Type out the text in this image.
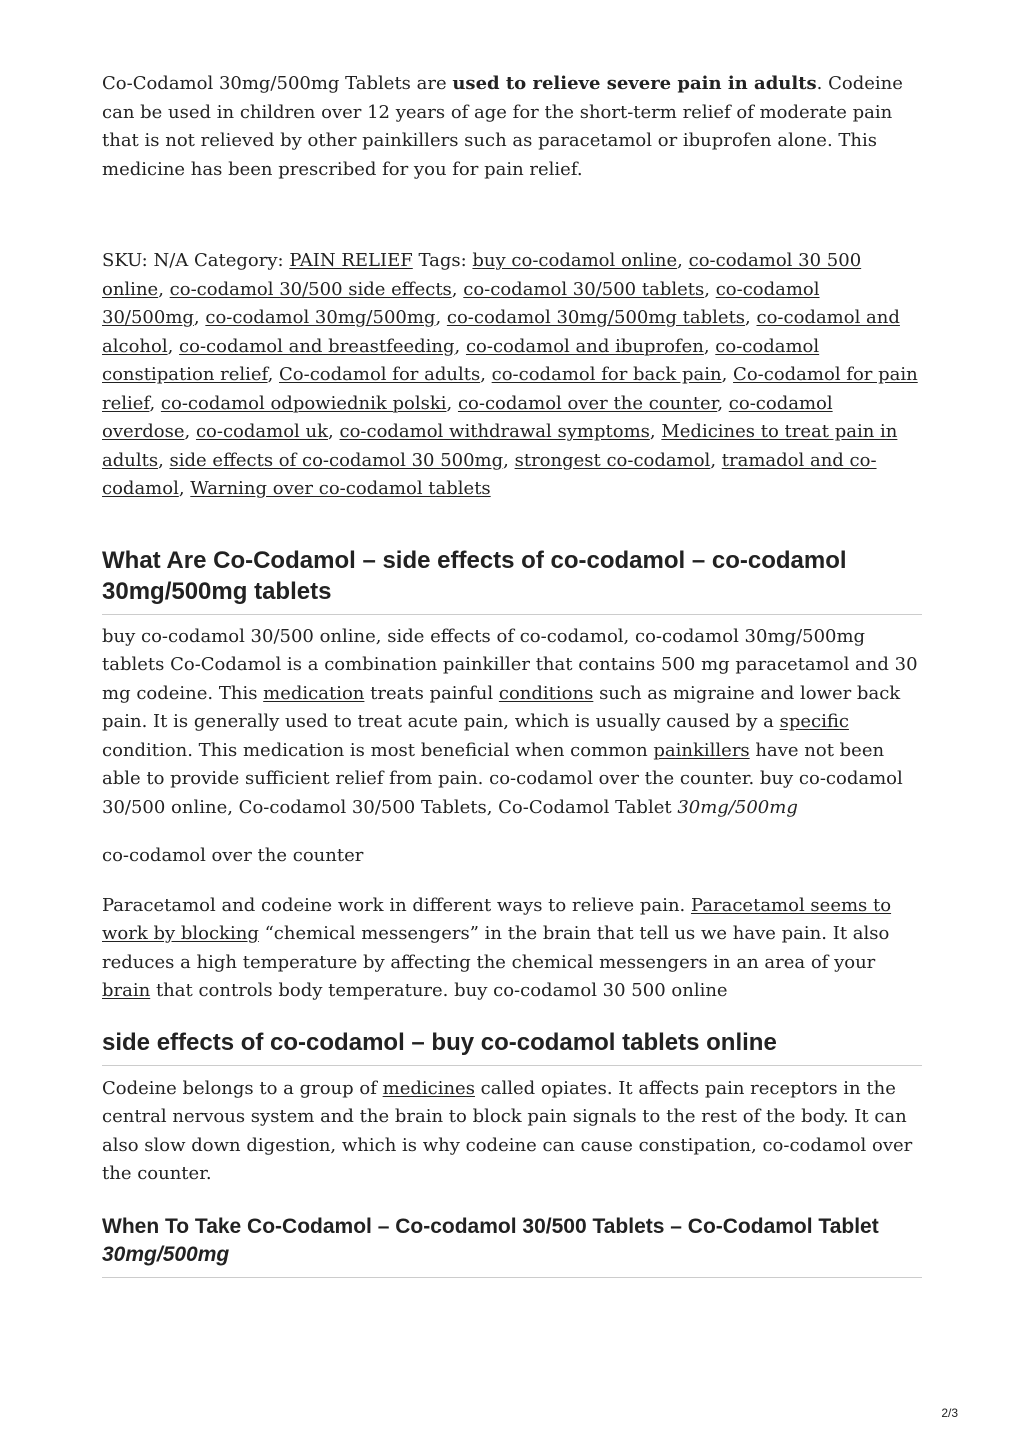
Co-Codamol 30mg/500mg Tablets are used to relieve severe pain in adults. Codeine can be used in children over 12 years of age for the short-term relief of moderate pain that is not relieved by other painkillers such as paracetamol or ibuprofen alone. This medicine has been prescribed for you for pain relief.

SKU: N/A Category: PAIN RELIEF Tags: buy co-codamol online, co-codamol 30 500 online, co-codamol 30/500 side effects, co-codamol 30/500 tablets, co-codamol 30/500mg, co-codamol 30mg/500mg, co-codamol 30mg/500mg tablets, co-codamol and alcohol, co-codamol and breastfeeding, co-codamol and ibuprofen, co-codamol constipation relief, Co-codamol for adults, co-codamol for back pain, Co-codamol for pain relief, co-codamol odpowiednik polski, co-codamol over the counter, co-codamol overdose, co-codamol uk, co-codamol withdrawal symptoms, Medicines to treat pain in adults, side effects of co-codamol 30 500mg, strongest co-codamol, tramadol and co-codamol, Warning over co-codamol tablets

What Are Co-Codamol – side effects of co-codamol – co-codamol 30mg/500mg tablets

buy co-codamol 30/500 online, side effects of co-codamol, co-codamol 30mg/500mg tablets Co-Codamol is a combination painkiller that contains 500 mg paracetamol and 30 mg codeine. This medication treats painful conditions such as migraine and lower back pain. It is generally used to treat acute pain, which is usually caused by a specific condition. This medication is most beneficial when common painkillers have not been able to provide sufficient relief from pain. co-codamol over the counter. buy co-codamol 30/500 online, Co-codamol 30/500 Tablets, Co-Codamol Tablet 30mg/500mg

co-codamol over the counter

Paracetamol and codeine work in different ways to relieve pain. Paracetamol seems to work by blocking “chemical messengers” in the brain that tell us we have pain. It also reduces a high temperature by affecting the chemical messengers in an area of your brain that controls body temperature. buy co-codamol 30 500 online

side effects of co-codamol – buy co-codamol tablets online

Codeine belongs to a group of medicines called opiates. It affects pain receptors in the central nervous system and the brain to block pain signals to the rest of the body. It can also slow down digestion, which is why codeine can cause constipation, co-codamol over the counter.

When To Take Co-Codamol – Co-codamol 30/500 Tablets – Co-Codamol Tablet 30mg/500mg
2/3
